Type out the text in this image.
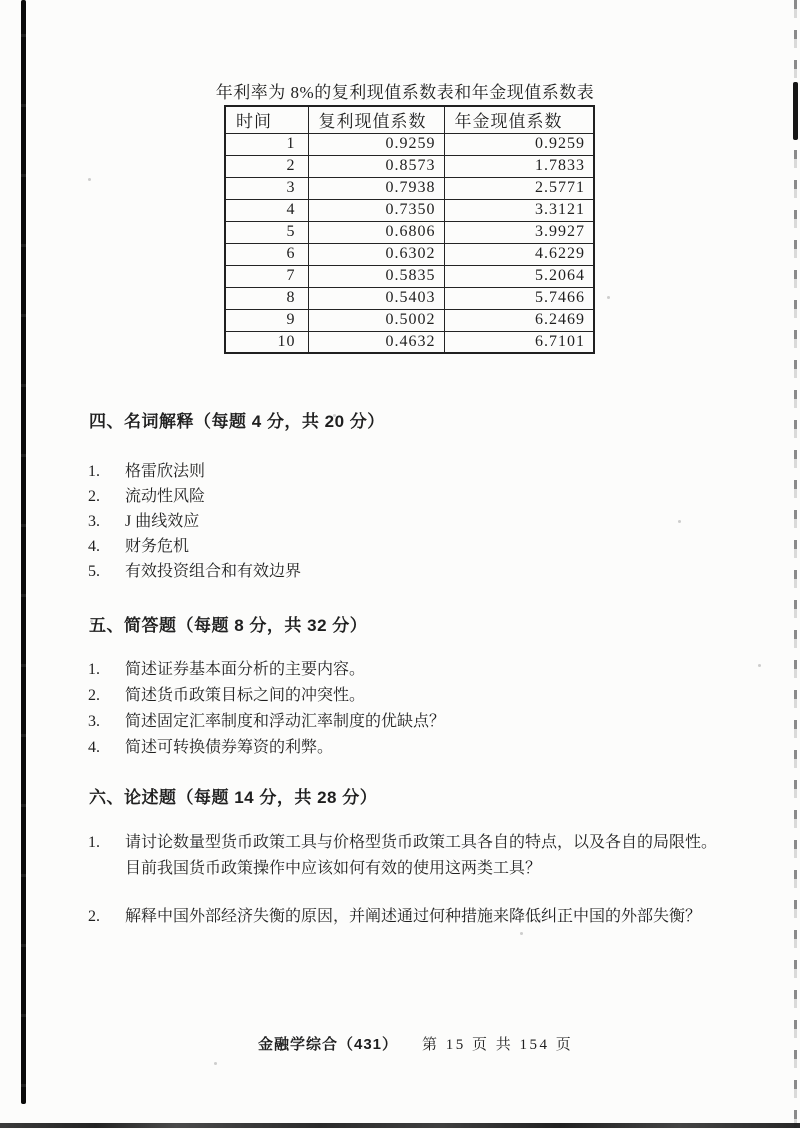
年利率为 8%的复利现值系数表和年金现值系数表
时间	复利现值系数	年金现值系数
1	0.9259	0.9259
2	0.8573	1.7833
3	0.7938	2.5771
4	0.7350	3.3121
5	0.6806	3.9927
6	0.6302	4.6229
7	0.5835	5.2064
8	0.5403	5.7466
9	0.5002	6.2469
10	0.4632	6.7101
四、名词解释（每题 4 分，共 20 分）
1.	格雷欣法则
2.	流动性风险
3.	J 曲线效应
4.	财务危机
5.	有效投资组合和有效边界
五、简答题（每题 8 分，共 32 分）
1.	简述证券基本面分析的主要内容。
2.	简述货币政策目标之间的冲突性。
3.	简述固定汇率制度和浮动汇率制度的优缺点？
4.	简述可转换债券筹资的利弊。
六、论述题（每题 14 分，共 28 分）
1.	请讨论数量型货币政策工具与价格型货币政策工具各自的特点，以及各自的局限性。
目前我国货币政策操作中应该如何有效的使用这两类工具？
2.	解释中国外部经济失衡的原因，并阐述通过何种措施来降低纠正中国的外部失衡？
金融学综合（431） 第 15 页 共 154 页
